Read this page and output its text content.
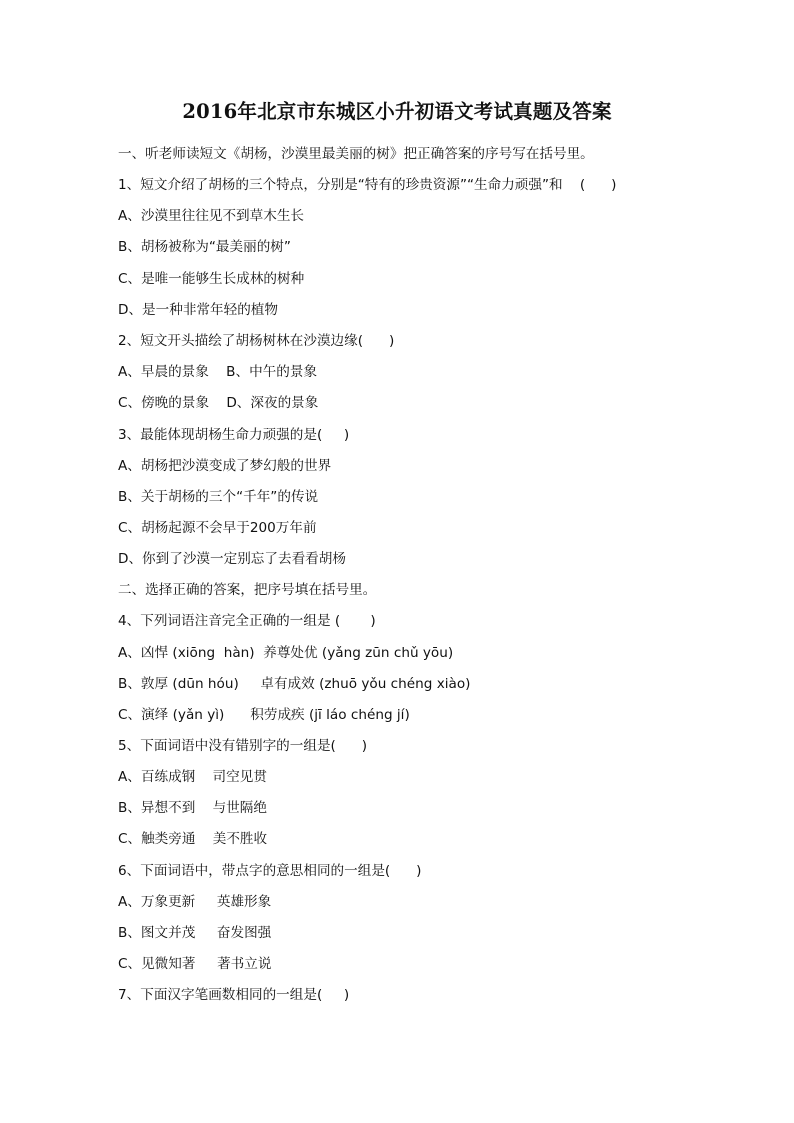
2016年北京市东城区小升初语文考试真题及答案
一、听老师读短文《胡杨，沙漠里最美丽的树》把正确答案的序号写在括号里。
1、短文介绍了胡杨的三个特点，分别是“特有的珍贵资源”“生命力顽强”和    (      )
A、沙漠里往往见不到草木生长
B、胡杨被称为“最美丽的树”
C、是唯一能够生长成林的树种
D、是一种非常年轻的植物
2、短文开头描绘了胡杨树林在沙漠边缘(      )
A、早晨的景象    B、中午的景象
C、傍晚的景象    D、深夜的景象
3、最能体现胡杨生命力顽强的是(     )
A、胡杨把沙漠变成了梦幻般的世界
B、关于胡杨的三个“千年”的传说
C、胡杨起源不会早于200万年前
D、你到了沙漠一定别忘了去看看胡杨
二、选择正确的答案，把序号填在括号里。
4、下列词语注音完全正确的一组是 (       )
A、凶悍 (xiōng  hàn)  养尊处优 (yǎng zūn chǔ yōu)
B、敦厚 (dūn hóu)     卓有成效 (zhuō yǒu chéng xiào)
C、演绎 (yǎn yì)      积劳成疾 (jī láo chéng jí)
5、下面词语中没有错别字的一组是(      )
A、百练成钢    司空见贯
B、异想不到    与世隔绝
C、触类旁通    美不胜收
6、下面词语中，带点字的意思相同的一组是(      )
A、万象更新     英雄形象
B、图文并茂     奋发图强
C、见微知著     著书立说
7、下面汉字笔画数相同的一组是(     )
